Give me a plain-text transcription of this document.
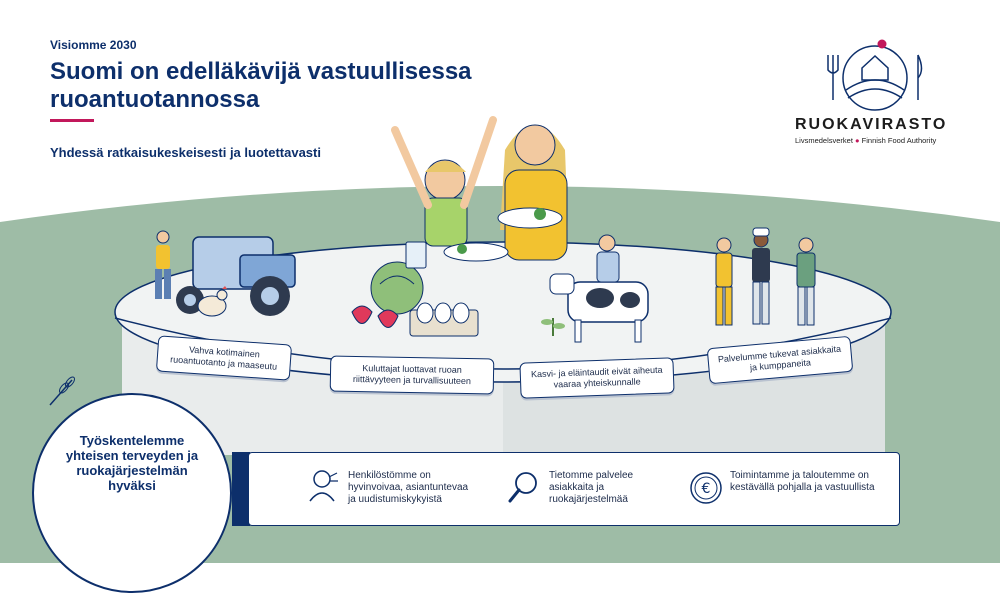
Visiomme 2030
Suomi on edelläkävijä vastuullisessa ruoantuotannossa
Yhdessä ratkaisukeskeisesti ja luotettavasti
RUOKAVIRASTO
Livsmedelsverket ● Finnish Food Authority
Vahva kotimainen ruoantuotanto ja maaseutu	Kuluttajat luottavat ruoan riittävyyteen ja turvallisuuteen
Kasvi- ja eläintaudit eivät aiheuta vaaraa yhteiskunnalle
Palvelumme tukevat asiakkaita ja kumppaneita
Työskentelemme yhteisen terveyden ja ruokajärjestelmän hyväksi
Henkilöstömme on hyvinvoivaa, asiantuntevaa ja uudistumiskykyistä
Tietomme palvelee asiakkaita ja ruokajärjestelmää
€
Toimintamme ja taloutemme on kestävällä pohjalla ja vastuullista
